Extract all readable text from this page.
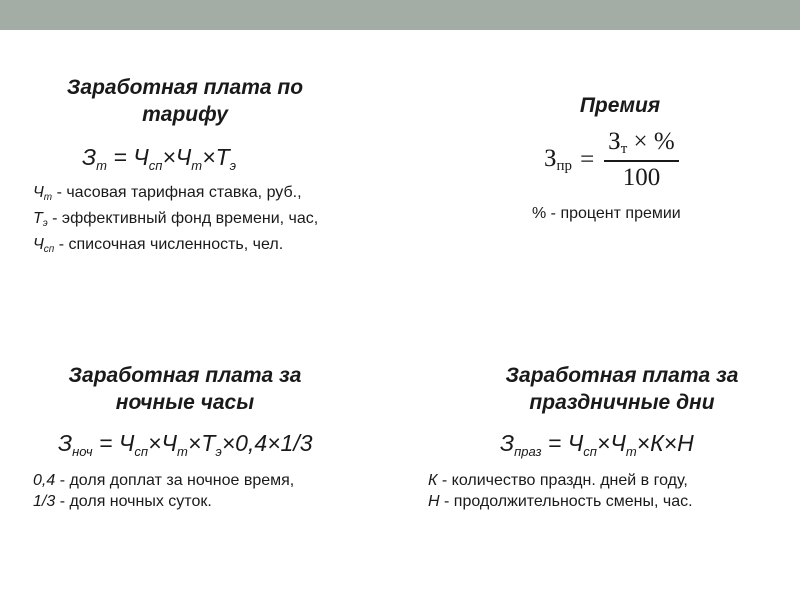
Заработная плата по
тарифу
$З_т = Ч_{сп}\times Ч_т\times Т_э$
$Ч_т$ - часовая тарифная ставка, руб.,
$Т_э$ - эффективный фонд времени, час,
$Ч_{сп}$ - списочная численность, чел.
Премия
$З_{пр} = \frac{З_т \times \%}{100}$
% - процент премии
Заработная плата за
ночные часы
$З_{ноч} = Ч_{сп}\times Ч_т\times Т_э\times 0,4\times 1/3$
0,4 - доля доплат за ночное время,
1/3 - доля ночных суток.
Заработная плата за
праздничные дни
$З_{праз} = Ч_{сп}\times Ч_т\times К\times Н$
К - количество праздн. дней в году,
Н - продолжительность смены, час.
